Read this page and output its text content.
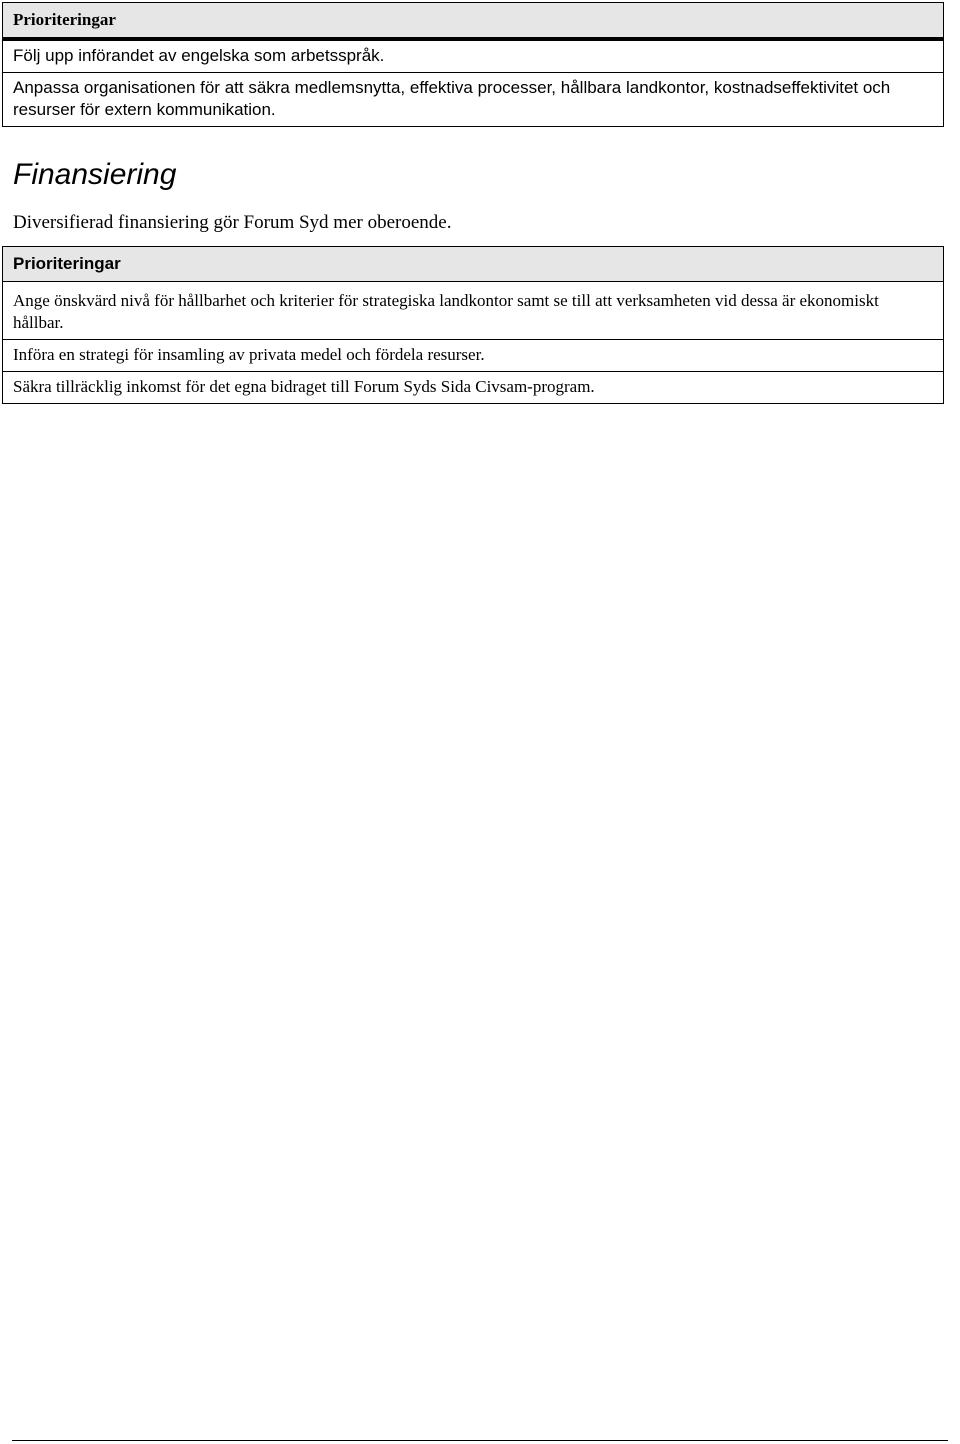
Prioriteringar
Följ upp införandet av engelska som arbetsspråk.
Anpassa organisationen för att säkra medlemsnytta, effektiva processer, hållbara landkontor, kostnadseffektivitet och resurser för extern kommunikation.
Finansiering

Diversifierad finansiering gör Forum Syd mer oberoende.

Prioriteringar
Ange önskvärd nivå för hållbarhet och kriterier för strategiska landkontor samt se till att verksamheten vid dessa är ekonomiskt hållbar.
Införa en strategi för insamling av privata medel och fördela resurser.
Säkra tillräcklig inkomst för det egna bidraget till Forum Syds Sida Civsam-program.
